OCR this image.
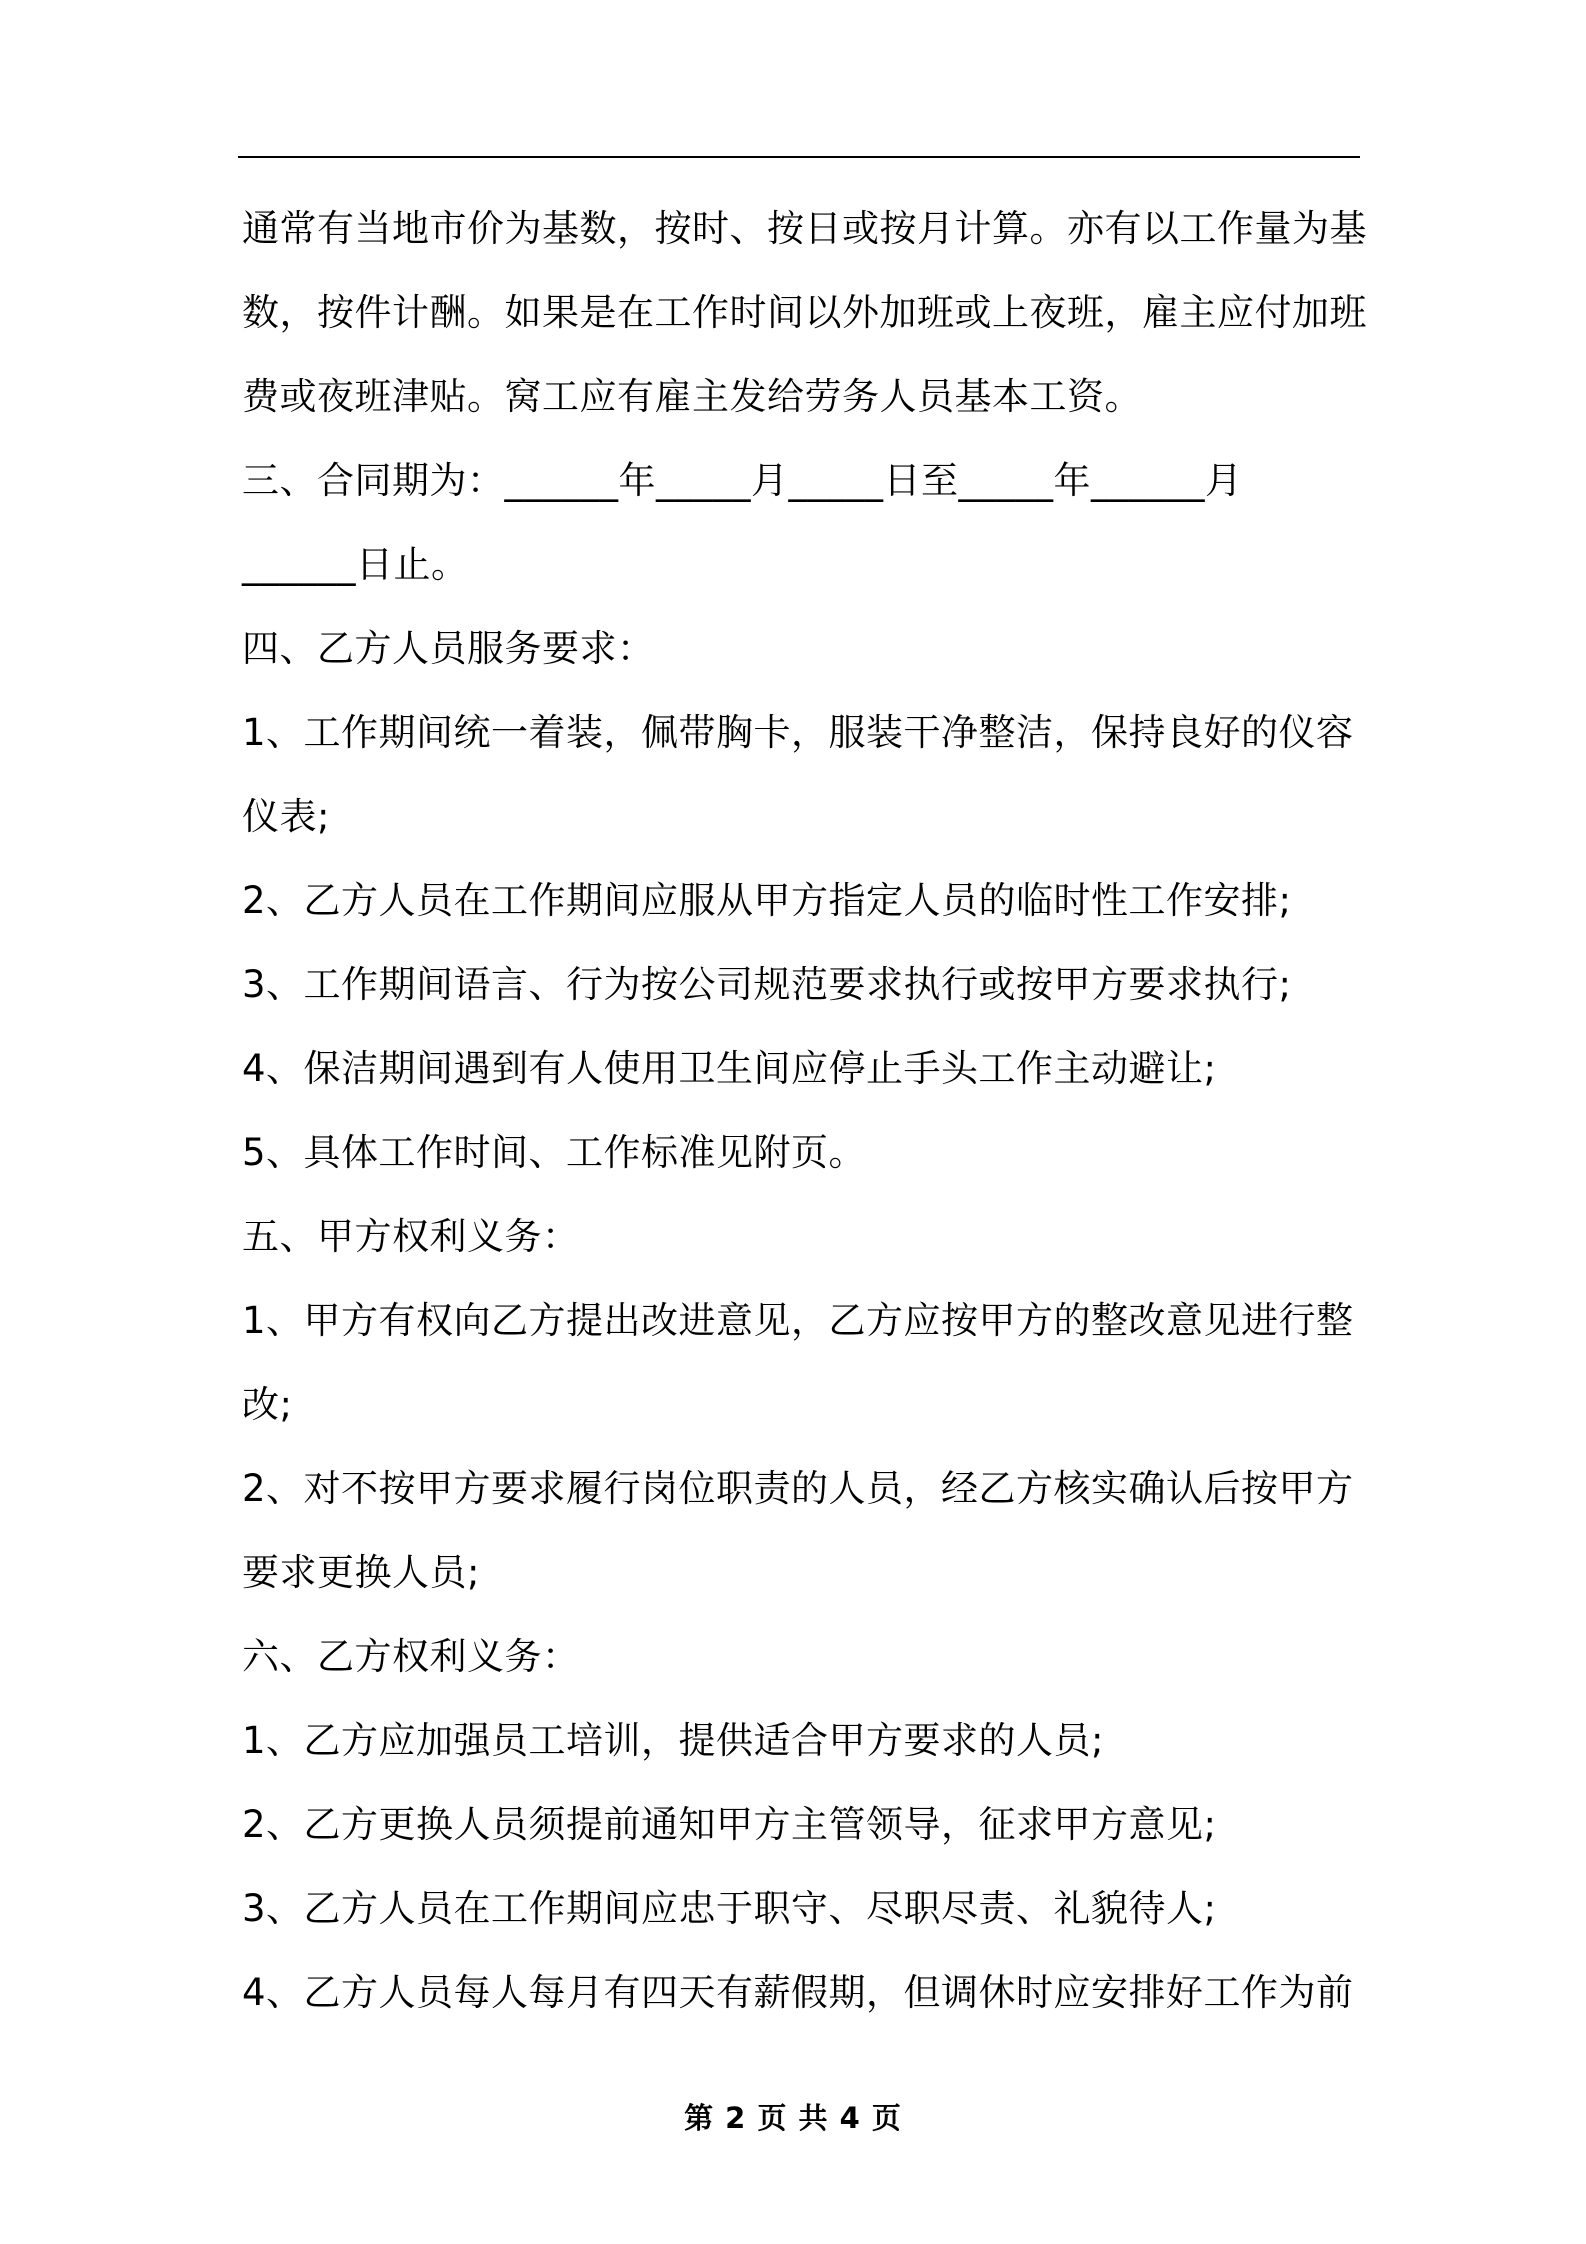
通常有当地市价为基数，按时、按日或按月计算。亦有以工作量为基
数，按件计酬。如果是在工作时间以外加班或上夜班，雇主应付加班
费或夜班津贴。窝工应有雇主发给劳务人员基本工资。
三、合同期为：______年_____月_____日至_____年______月
______日止。
四、乙方人员服务要求：
1、工作期间统一着装，佩带胸卡，服装干净整洁，保持良好的仪容
仪表;
2、乙方人员在工作期间应服从甲方指定人员的临时性工作安排;
3、工作期间语言、行为按公司规范要求执行或按甲方要求执行;
4、保洁期间遇到有人使用卫生间应停止手头工作主动避让;
5、具体工作时间、工作标准见附页。
五、甲方权利义务：
1、甲方有权向乙方提出改进意见，乙方应按甲方的整改意见进行整
改;
2、对不按甲方要求履行岗位职责的人员，经乙方核实确认后按甲方
要求更换人员;
六、乙方权利义务：
1、乙方应加强员工培训，提供适合甲方要求的人员;
2、乙方更换人员须提前通知甲方主管领导，征求甲方意见;
3、乙方人员在工作期间应忠于职守、尽职尽责、礼貌待人;
4、乙方人员每人每月有四天有薪假期，但调休时应安排好工作为前
第 2 页 共 4 页
